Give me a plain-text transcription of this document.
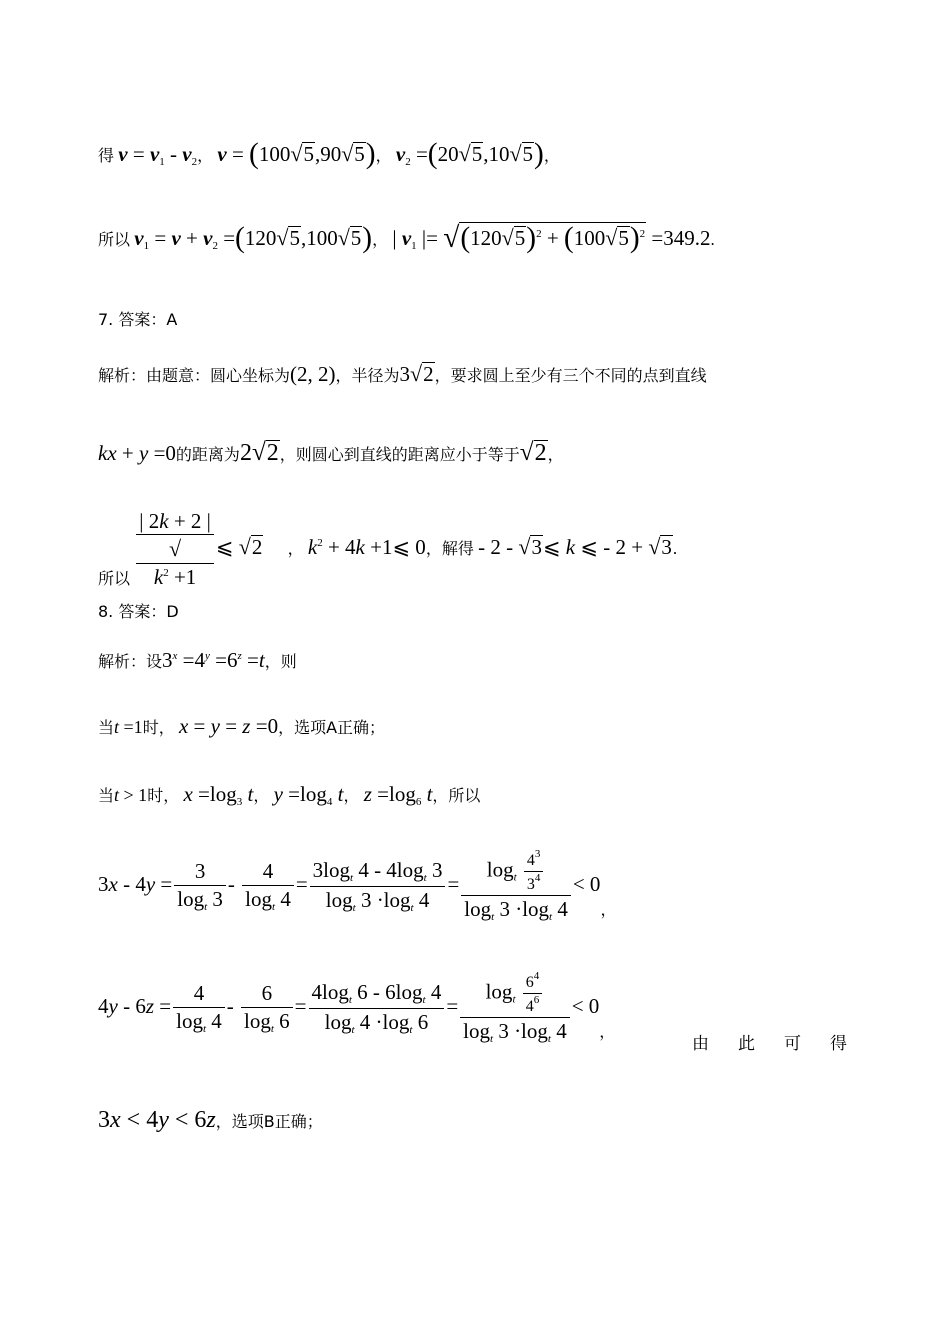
得 $v = v_1 - v_2$， v = (100√5,90√5)， $v_2 =(20√5,10√5)$，
所以 $v_1 = v + v_2 =(120√5,100√5)$， | $v_1$ |= $√(120√5)^2 + (100√5)^2 =349.2$.
7. 答案：A
解析：由题意：圆心坐标为(2, 2)，半径为3√2，要求圆上至少有三个不同的点到直线
kx + y =0的距离为2√2，则圆心到直线的距离应小于等于√2，
所以
| 2k + 2 |
√
$k^2 +1$
⩽ √2 ， $k^2 + 4k$ +1⩽ 0，解得 - 2 - √3⩽ k ⩽ - 2 + √3.
8. 答案：D
解析：设$3^x =4^y =6^z =t$，则
当t =1时， x = y = z =0，选项A正确；
当t > 1时， $x =\log_3$ t， $y =\log_4$ t， $z =\log_6$ t，所以
$3x - 4y = \frac{3}{\log_t 3} - \frac{4}{\log_t 4} = \frac{3\log_t 4 - 4\log_t 3}{\log_t 3 \cdot\log_t 4} = \frac{\log_t \frac{4^3}{3^4}}{\log_t 3 \cdot\log_t 4} < 0$，
$4y - 6z = \frac{4}{\log_t 4} - \frac{6}{\log_t 6} = \frac{4\log_t 6 - 6\log_t 4}{\log_t 4 \cdot\log_t 6} = \frac{\log_t \frac{6^4}{4^6}}{\log_t 3 \cdot\log_t 4} < 0$，
由　此　可　得
3x < 4y < 6z，选项B正确；
